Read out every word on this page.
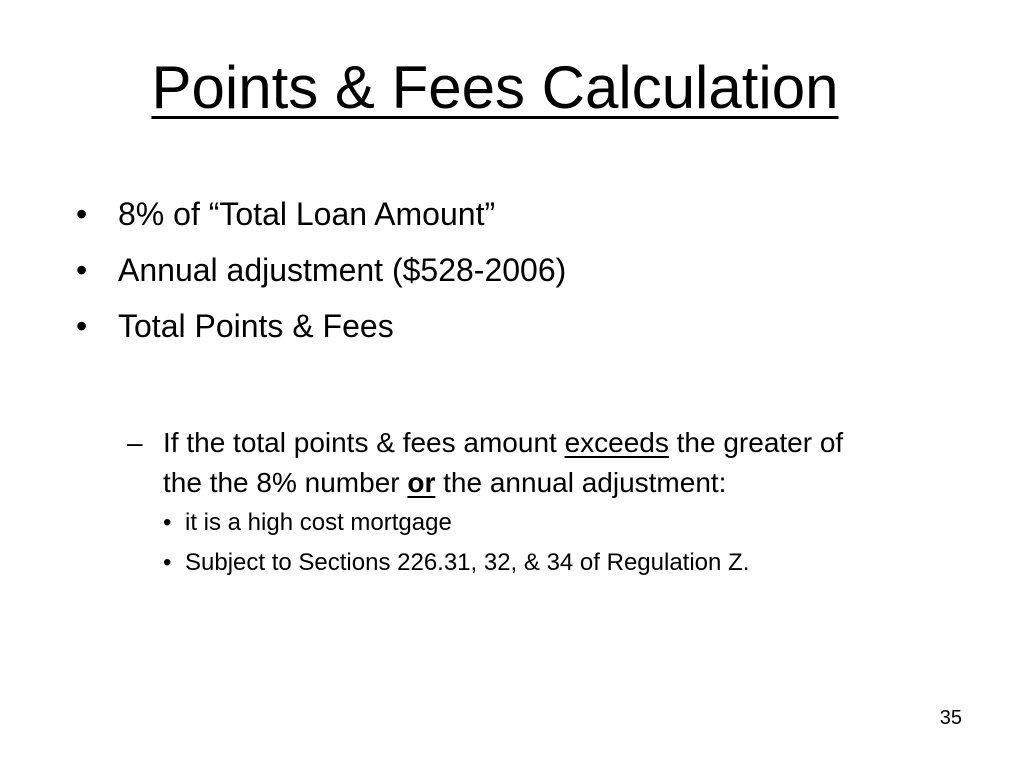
Points & Fees Calculation
• 8% of “Total Loan Amount”
• Annual adjustment ($528-2006)
• Total Points & Fees
– If the total points & fees amount exceeds the greater of the the 8% number or the annual adjustment:
• it is a high cost mortgage
• Subject to Sections 226.31, 32, & 34 of Regulation Z.
35
